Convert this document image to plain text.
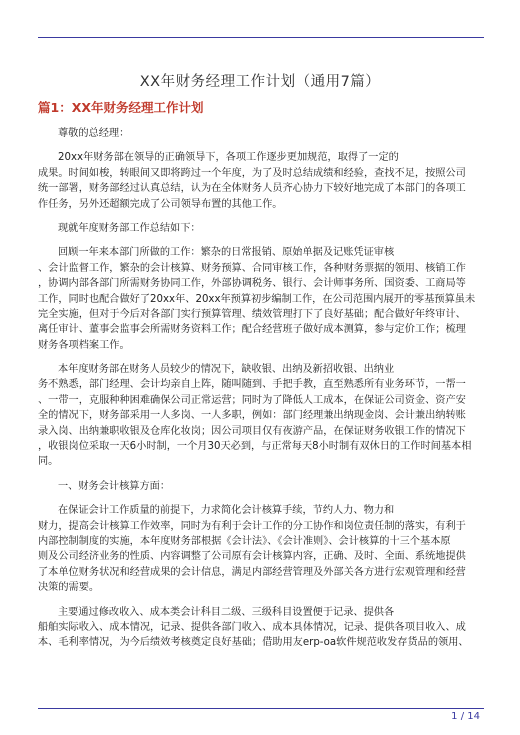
XX年财务经理工作计划（通用7篇）
篇1：XX年财务经理工作计划
尊敬的总经理：
20xx年财务部在领导的正确领导下，各项工作逐步更加规范，取得了一定的
成果。时间如梭，转眼间又即将跨过一个年度，为了及时总结成绩和经验，查找不足，按照公司
统一部署，财务部经过认真总结，认为在全体财务人员齐心协力下较好地完成了本部门的各项工
作任务，另外还超额完成了公司领导布置的其他工作。
现就年度财务部工作总结如下：
回顾一年来本部门所做的工作：繁杂的日常报销、原始单据及记账凭证审核
、会计监督工作，繁杂的会计核算、财务预算、合同审核工作，各种财务票据的领用、核销工作
，协调内部各部门所需财务协同工作，外部协调税务、银行、会计师事务所、国资委、工商局等
工作，同时也配合做好了20xx年、20xx年预算初步编制工作，在公司范围内展开的零基预算虽未
完全实施，但对于今后对各部门实行预算管理、绩效管理打下了良好基础；配合做好年终审计、
离任审计、董事会监事会所需财务资料工作；配合经营班子做好成本测算，参与定价工作；梳理
财务各项档案工作。
本年度财务部在财务人员较少的情况下，缺收银、出纳及新招收银、出纳业
务不熟悉，部门经理、会计均亲自上阵，随叫随到、手把手教，直至熟悉所有业务环节，一帮一
、一带一，克服种种困难确保公司正常运营；同时为了降低人工成本，在保证公司资金、资产安
全的情况下，财务部采用一人多岗、一人多职，例如：部门经理兼出纳现金岗、会计兼出纳转账
录入岗、出纳兼职收银及仓库化妆岗；因公司项目仅有夜游产品，在保证财务收银工作的情况下
，收银岗位采取一天6小时制，一个月30天必到，与正常每天8小时制有双休日的工作时间基本相
同。
一、财务会计核算方面：
在保证会计工作质量的前提下，力求简化会计核算手续，节约人力、物力和
财力，提高会计核算工作效率，同时为有利于会计工作的分工协作和岗位责任制的落实，有利于
内部控制制度的实施，本年度财务部根据《会计法》、《会计准则》、会计核算的十三个基本原
则及公司经济业务的性质、内容调整了公司原有会计核算内容，正确、及时、全面、系统地提供
了本单位财务状况和经营成果的会计信息，满足内部经营管理及外部关各方进行宏观管理和经营
决策的需要。
主要通过修改收入、成本类会计科目二级、三级科目设置便于记录、提供各
船舶实际收入、成本情况，记录、提供各部门收入、成本具体情况，记录、提供各项目收入、成
本、毛利率情况，为今后绩效考核奠定良好基础；借助用友erp-oa软件规范收发存货品的领用、
1 / 14
